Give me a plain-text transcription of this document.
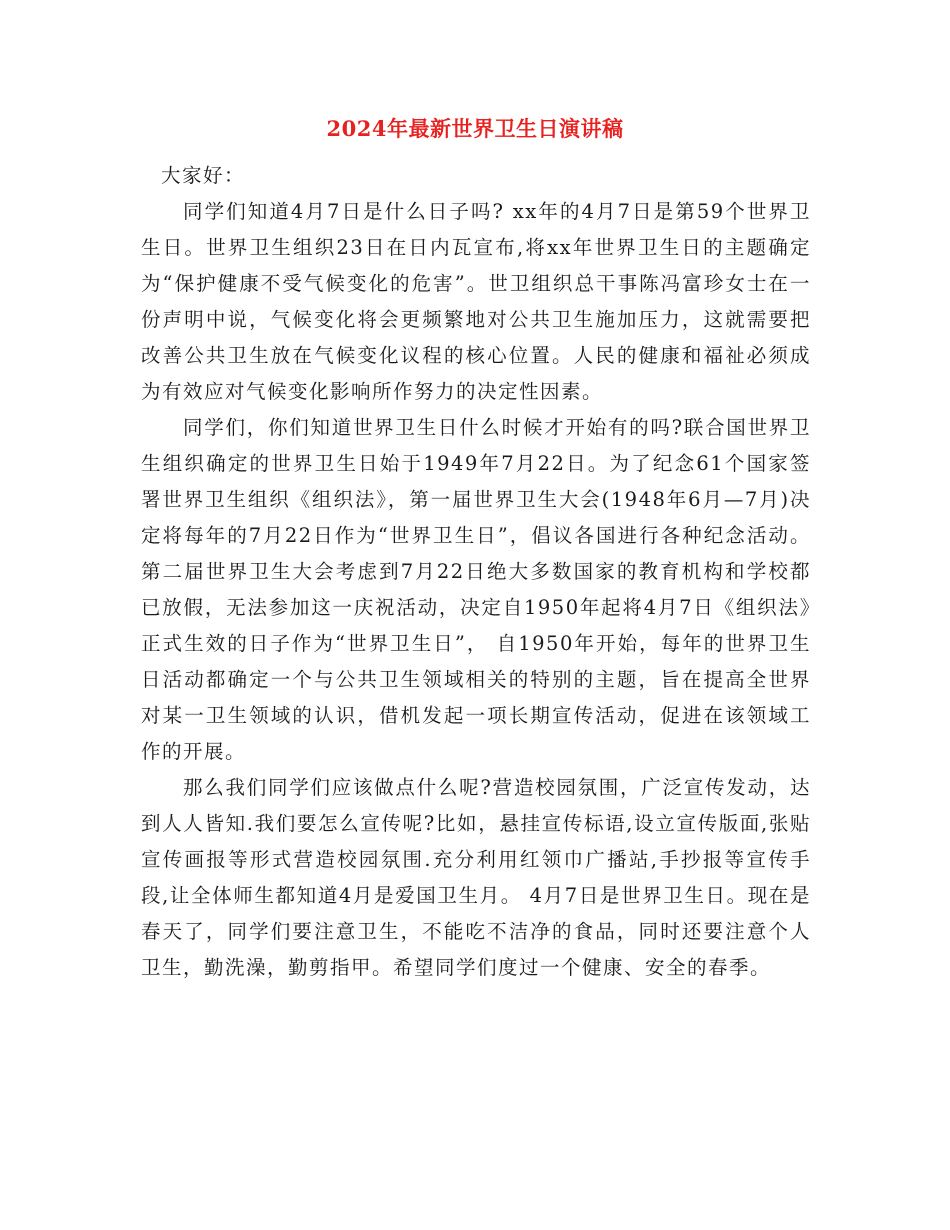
2024年最新世界卫生日演讲稿

大家好：

同学们知道4月7日是什么日子吗? xx年的4月7日是第59个世界卫生日。世界卫生组织23日在日内瓦宣布,将xx年世界卫生日的主题确定为“保护健康不受气候变化的危害”。世卫组织总干事陈冯富珍女士在一份声明中说，气候变化将会更频繁地对公共卫生施加压力，这就需要把改善公共卫生放在气候变化议程的核心位置。人民的健康和福祉必须成为有效应对气候变化影响所作努力的决定性因素。

同学们，你们知道世界卫生日什么时候才开始有的吗?联合国世界卫生组织确定的世界卫生日始于1949年7月22日。为了纪念61个国家签署世界卫生组织《组织法》，第一届世界卫生大会(1948年6月—7月)决定将每年的7月22日作为“世界卫生日”，倡议各国进行各种纪念活动。第二届世界卫生大会考虑到7月22日绝大多数国家的教育机构和学校都已放假，无法参加这一庆祝活动，决定自1950年起将4月7日《组织法》正式生效的日子作为“世界卫生日”， 自1950年开始，每年的世界卫生日活动都确定一个与公共卫生领域相关的特别的主题，旨在提高全世界对某一卫生领域的认识，借机发起一项长期宣传活动，促进在该领域工作的开展。

那么我们同学们应该做点什么呢?营造校园氛围，广泛宣传发动，达到人人皆知.我们要怎么宣传呢?比如，悬挂宣传标语,设立宣传版面,张贴宣传画报等形式营造校园氛围.充分利用红领巾广播站,手抄报等宣传手段,让全体师生都知道4月是爱国卫生月。 4月7日是世界卫生日。现在是春天了，同学们要注意卫生，不能吃不洁净的食品，同时还要注意个人卫生，勤洗澡，勤剪指甲。希望同学们度过一个健康、安全的春季。
